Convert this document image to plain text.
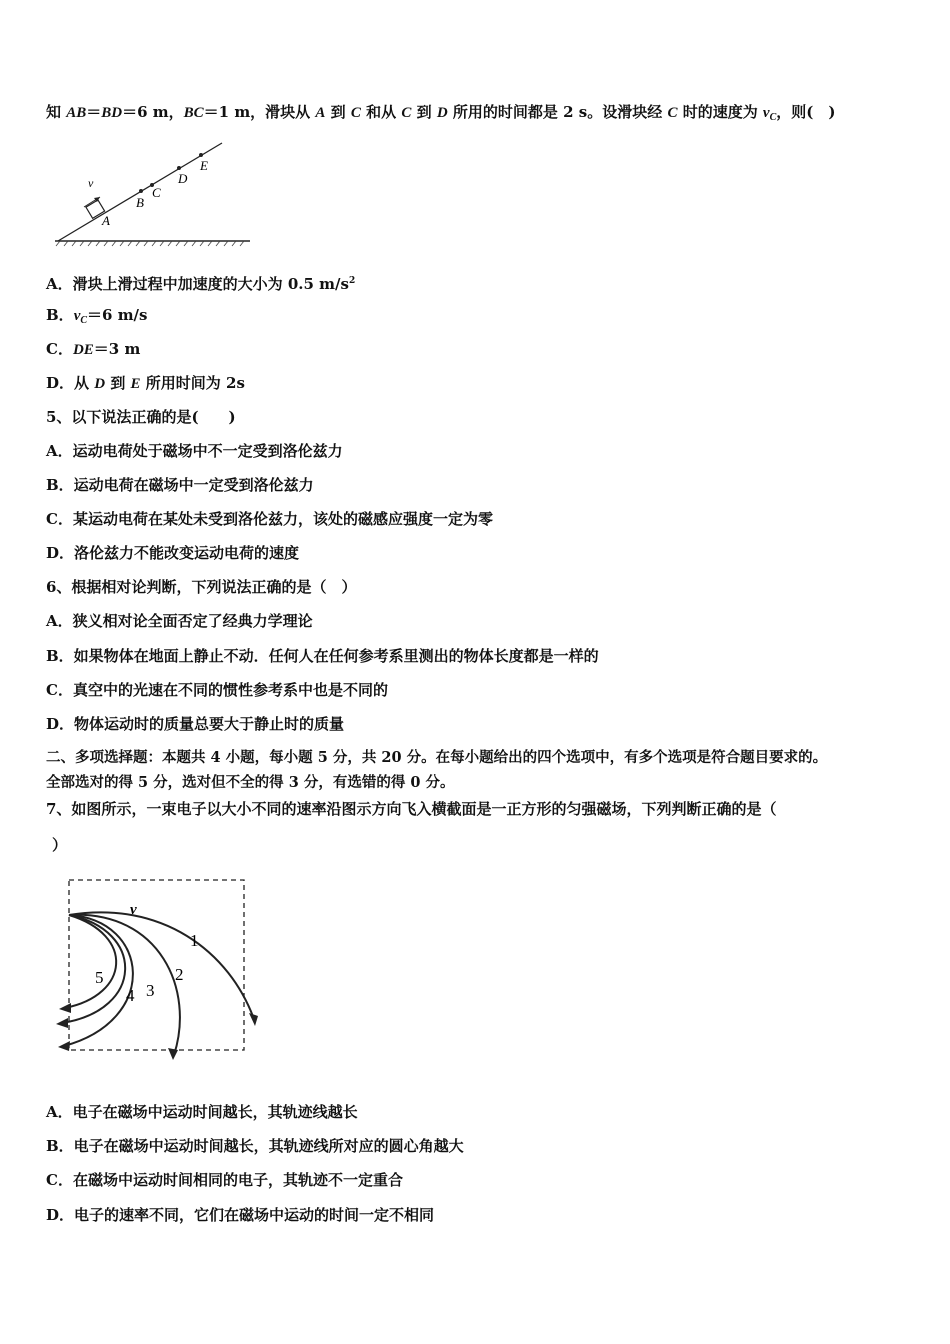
知 AB＝BD＝6 m，BC＝1 m，滑块从 A 到 C 和从 C 到 D 所用的时间都是 2 s。设滑块经 C 时的速度为 $v_C$，则(　)
v
A
B
C
D
E
A．滑块上滑过程中加速度的大小为 0.5 $m/s^2$
B．$v_C=6$ m/s
C．DE＝3 m
D．从 D 到 E 所用时间为 2s
5、以下说法正确的是(　　)
A．运动电荷处于磁场中不一定受到洛伦兹力
B．运动电荷在磁场中一定受到洛伦兹力
C．某运动电荷在某处未受到洛伦兹力，该处的磁感应强度一定为零
D．洛伦兹力不能改变运动电荷的速度
6、根据相对论判断，下列说法正确的是（　）
A．狭义相对论全面否定了经典力学理论
B．如果物体在地面上静止不动．任何人在任何参考系里测出的物体长度都是一样的
C．真空中的光速在不同的惯性参考系中也是不同的
D．物体运动时的质量总要大于静止时的质量
二、多项选择题：本题共 4 小题，每小题 5 分，共 20 分。在每小题给出的四个选项中，有多个选项是符合题目要求的。
全部选对的得 5 分，选对但不全的得 3 分，有选错的得 0 分。
7、如图所示，一束电子以大小不同的速率沿图示方向飞入横截面是一正方形的匀强磁场，下列判断正确的是（
）
v
1
2
3
4
5
A．电子在磁场中运动时间越长，其轨迹线越长
B．电子在磁场中运动时间越长，其轨迹线所对应的圆心角越大
C．在磁场中运动时间相同的电子，其轨迹不一定重合
D．电子的速率不同，它们在磁场中运动的时间一定不相同
